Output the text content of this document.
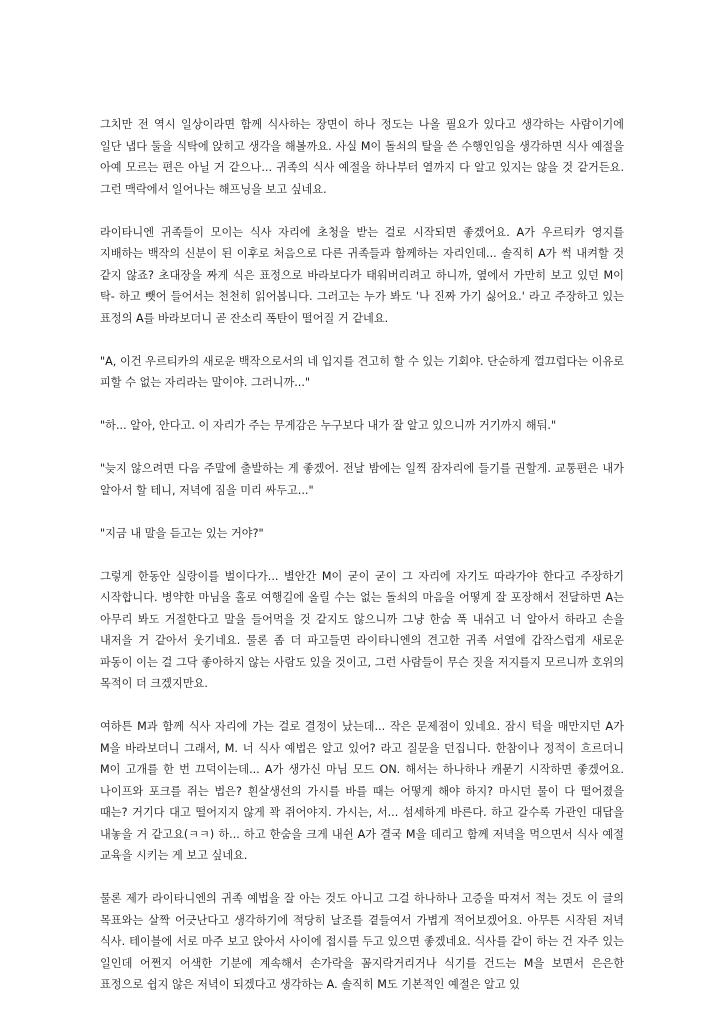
그치만 전 역시 일상이라면 함께 식사하는 장면이 하나 정도는 나올 필요가 있다고 생각하는 사람이기에 일단 냅다 둘을 식탁에 앉히고 생각을 해볼까요. 사실 M이 돌쇠의 탈을 쓴 수행인임을 생각하면 식사 예절을 아예 모르는 편은 아닐 거 같으나... 귀족의 식사 예절을 하나부터 열까지 다 알고 있지는 않을 것 같거든요. 그런 맥락에서 일어나는 해프닝을 보고 싶네요.

라이타니엔 귀족들이 모이는 식사 자리에 초청을 받는 걸로 시작되면 좋겠어요. A가 우르티카 영지를 지배하는 백작의 신분이 된 이후로 처음으로 다른 귀족들과 함께하는 자리인데... 솔직히 A가 썩 내켜할 것 같지 않죠? 초대장을 짜게 식은 표정으로 바라보다가 태워버리려고 하니까, 옆에서 가만히 보고 있던 M이 탁- 하고 뺏어 들어서는 천천히 읽어봅니다. 그러고는 누가 봐도 '나 진짜 가기 싫어요.' 라고 주장하고 있는 표정의 A를 바라보더니 곧 잔소리 폭탄이 떨어질 거 같네요.

"A, 이건 우르티카의 새로운 백작으로서의 네 입지를 견고히 할 수 있는 기회야. 단순하게 껄끄럽다는 이유로 피할 수 없는 자리라는 말이야. 그러니까..."

"하... 알아, 안다고. 이 자리가 주는 무게감은 누구보다 내가 잘 알고 있으니까 거기까지 해둬."

"늦지 않으려면 다음 주말에 출발하는 게 좋겠어. 전날 밤에는 일찍 잠자리에 들기를 권할게. 교통편은 내가 알아서 할 테니, 저녁에 짐을 미리 싸두고..."

"지금 내 말을 듣고는 있는 거야?"

그렇게 한동안 실랑이를 벌이다가... 별안간 M이 굳이 굳이 그 자리에 자기도 따라가야 한다고 주장하기 시작합니다. 병약한 마님을 홀로 여행길에 올릴 수는 없는 돌쇠의 마음을 어떻게 잘 포장해서 전달하면 A는 아무리 봐도 거절한다고 말을 들어먹을 것 같지도 않으니까 그냥 한숨 푹 내쉬고 너 알아서 하라고 손을 내저을 거 같아서 웃기네요. 물론 좀 더 파고들면 라이타니엔의 견고한 귀족 서열에 갑작스럽게 새로운 파동이 이는 걸 그닥 좋아하지 않는 사람도 있을 것이고, 그런 사람들이 무슨 짓을 저지를지 모르니까 호위의 목적이 더 크겠지만요.

여하튼 M과 함께 식사 자리에 가는 걸로 결정이 났는데... 작은 문제점이 있네요. 잠시 턱을 매만지던 A가 M을 바라보더니 그래서, M. 너 식사 예법은 알고 있어? 라고 질문을 던집니다. 한참이나 정적이 흐르더니 M이 고개를 한 번 끄덕이는데... A가 생가신 마님 모드 ON. 해서는 하나하나 캐묻기 시작하면 좋겠어요. 나이프와 포크를 쥐는 법은? 흰살생선의 가시를 바를 때는 어떻게 해야 하지? 마시던 물이 다 떨어졌을 때는? 거기다 대고 떨어지지 않게 꽉 쥐어야지. 가시는, 서... 섬세하게 바른다. 하고 갈수록 가관인 대답을 내놓을 거 같고요(ㅋㅋ) 하... 하고 한숨을 크게 내쉰 A가 결국 M을 데리고 함께 저녁을 먹으면서 식사 예절 교육을 시키는 게 보고 싶네요.

물론 제가 라이타니엔의 귀족 예법을 잘 아는 것도 아니고 그걸 하나하나 고증을 따져서 적는 것도 이 글의 목표와는 살짝 어긋난다고 생각하기에 적당히 날조를 곁들여서 가볍게 적어보겠어요. 아무튼 시작된 저녁 식사. 테이블에 서로 마주 보고 앉아서 사이에 접시를 두고 있으면 좋겠네요. 식사를 같이 하는 건 자주 있는 일인데 어쩐지 어색한 기분에 계속해서 손가락을 꼼지락거리거나 식기를 건드는 M을 보면서 은은한 표정으로 쉽지 않은 저녁이 되겠다고 생각하는 A. 솔직히 M도 기본적인 예절은 알고 있
